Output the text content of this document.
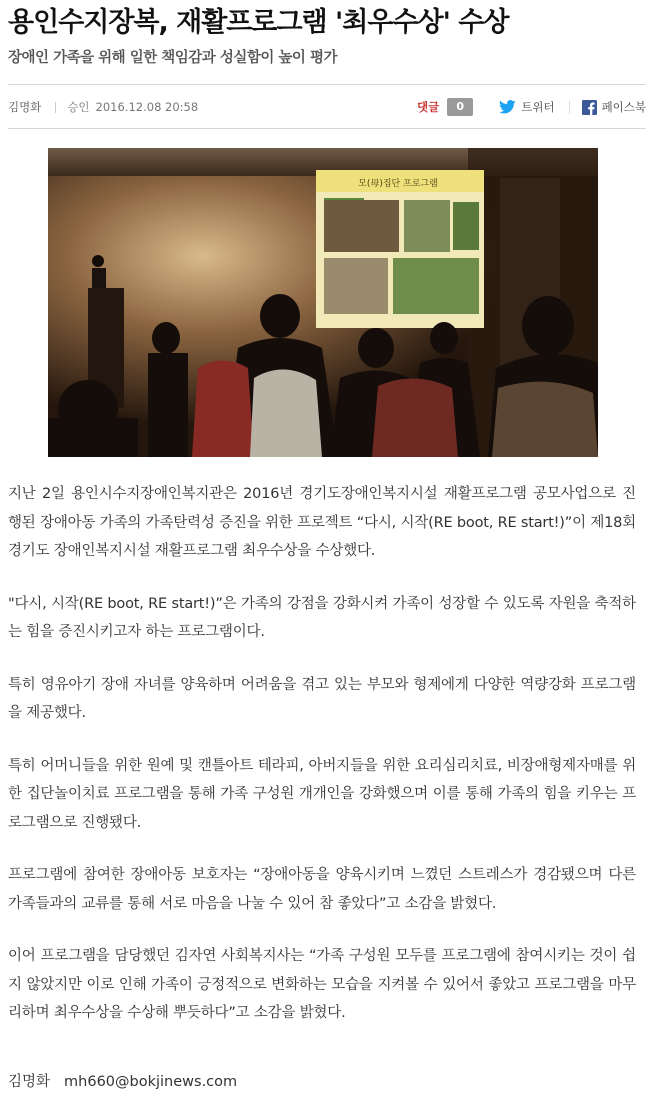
용인수지장복, 재활프로그램 '최우수상' 수상
장애인 가족을 위해 일한 책임감과 성실함이 높이 평가
김명화 승인 2016.12.08 20:58	댓글	0	트위터	페이스북
모(母)집단 프로그램

지난 2일 용인시수지장애인복지관은 2016년 경기도장애인복지시설 재활프로그램 공모사업으로 진행된 장애아동 가족의 가족탄력성 증진을 위한 프로젝트 “다시, 시작(RE boot, RE start!)”이 제18회 경기도 장애인복지시설 재활프로그램 최우수상을 수상했다.

"다시, 시작(RE boot, RE start!)”은 가족의 강점을 강화시켜 가족이 성장할 수 있도록 자원을 축적하는 힘을 증진시키고자 하는 프로그램이다.

특히 영유아기 장애 자녀를 양육하며 어려움을 겪고 있는 부모와 형제에게 다양한 역량강화 프로그램을 제공했다.

특히 어머니들을 위한 원예 및 캔틀아트 테라피, 아버지들을 위한 요리심리치료, 비장애형제자매를 위한 집단놀이치료 프로그램을 통해 가족 구성원 개개인을 강화했으며 이를 통해 가족의 힘을 키우는 프로그램으로 진행됐다.

프로그램에 참여한 장애아동 보호자는 “장애아동을 양육시키며 느꼈던 스트레스가 경감됐으며 다른 가족들과의 교류를 통해 서로 마음을 나눌 수 있어 참 좋았다”고 소감을 밝혔다.

이어 프로그램을 담당했던 김자연 사회복지사는 “가족 구성원 모두를 프로그램에 참여시키는 것이 쉽지 않았지만 이로 인해 가족이 긍정적으로 변화하는 모습을 지켜볼 수 있어서 좋았고 프로그램을 마무리하며 최우수상을 수상해 뿌듯하다”고 소감을 밝혔다.

김명화 mh660@bokjinews.com
